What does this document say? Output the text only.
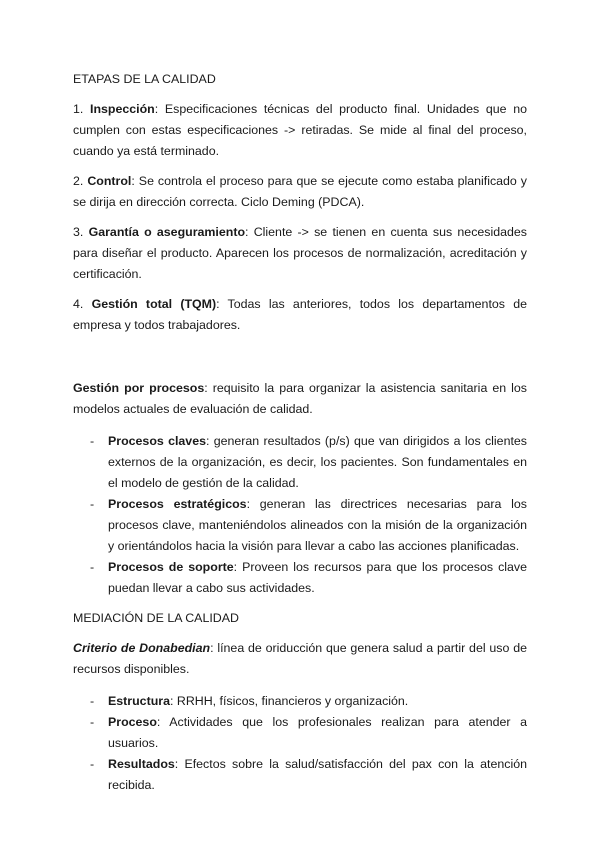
ETAPAS DE LA CALIDAD

1. Inspección: Especificaciones técnicas del producto final. Unidades que no cumplen con estas especificaciones -> retiradas. Se mide al final del proceso, cuando ya está terminado.

2. Control: Se controla el proceso para que se ejecute como estaba planificado y se dirija en dirección correcta. Ciclo Deming (PDCA).

3. Garantía o aseguramiento: Cliente -> se tienen en cuenta sus necesidades para diseñar el producto. Aparecen los procesos de normalización, acreditación y certificación.

4. Gestión total (TQM): Todas las anteriores, todos los departamentos de empresa y todos trabajadores.

Gestión por procesos: requisito la para organizar la asistencia sanitaria en los modelos actuales de evaluación de calidad.

- Procesos claves: generan resultados (p/s) que van dirigidos a los clientes externos de la organización, es decir, los pacientes. Son fundamentales en el modelo de gestión de la calidad.
- Procesos estratégicos: generan las directrices necesarias para los procesos clave, manteniéndolos alineados con la misión de la organización y orientándolos hacia la visión para llevar a cabo las acciones planificadas.
- Procesos de soporte: Proveen los recursos para que los procesos clave puedan llevar a cabo sus actividades.
MEDIACIÓN DE LA CALIDAD

Criterio de Donabedian: línea de oriducción que genera salud a partir del uso de recursos disponibles.

- Estructura: RRHH, físicos, financieros y organización.
- Proceso: Actividades que los profesionales realizan para atender a usuarios.
- Resultados: Efectos sobre la salud/satisfacción del pax con la atención recibida.
